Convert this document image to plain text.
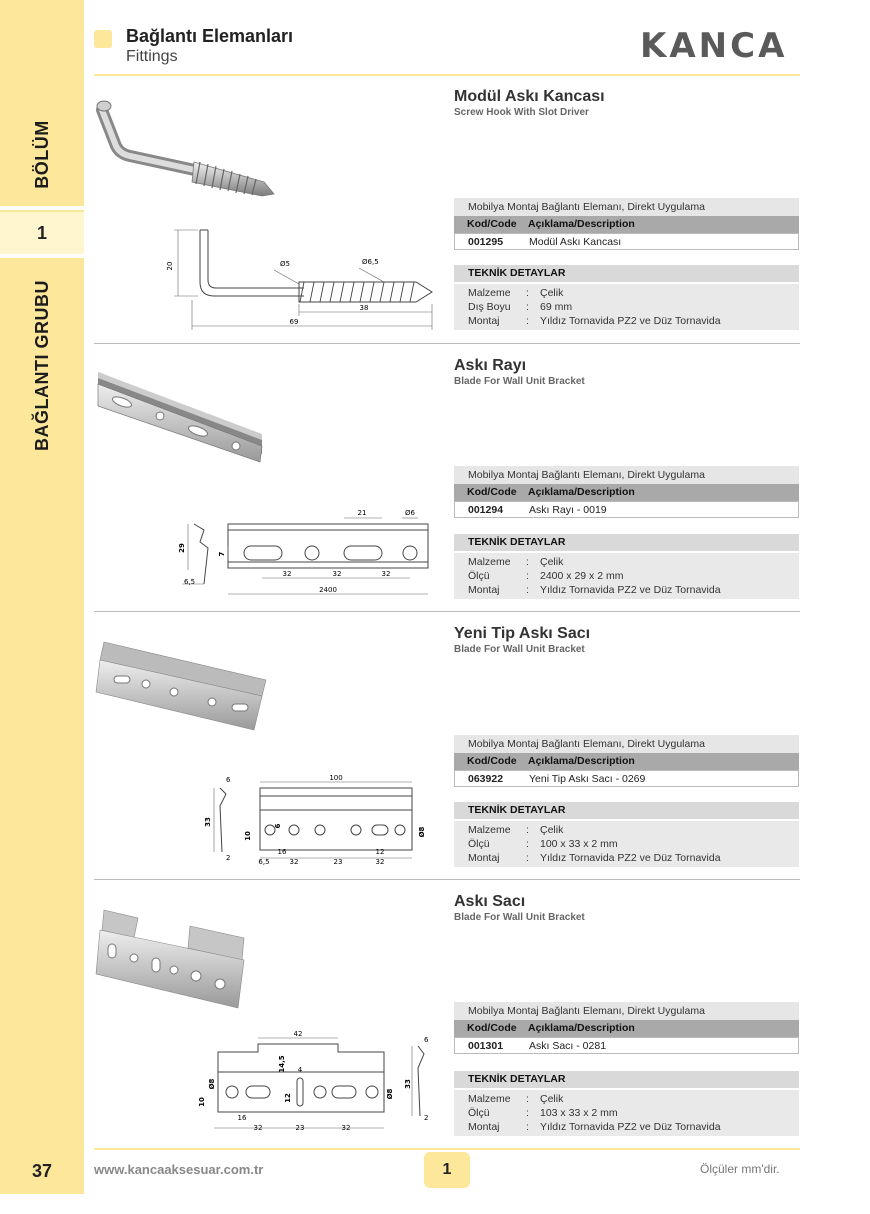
BÖLÜM
1
BAĞLANTI GRUBU
Bağlantı Elemanları
Fittings	KANCA
Modül Askı Kancası
Screw Hook With Slot Driver
20	Ø5	Ø6,5
38
69
Mobilya Montaj Bağlantı Elemanı, Direkt Uygulama
Kod/Code	Açıklama/Description
001295	Modül Askı Kancası
TEKNİK DETAYLAR
Malzeme	:	Çelik
Dış Boyu	:	69 mm
Montaj	:	Yıldız Tornavida PZ2 ve Düz Tornavida
Askı Rayı
Blade For Wall Unit Bracket
29
6,5
7
21	Ø6
32	32	32
2400
Mobilya Montaj Bağlantı Elemanı, Direkt Uygulama
Kod/Code	Açıklama/Description
001294	Askı Rayı - 0019
TEKNİK DETAYLAR
Malzeme	:	Çelik
Ölçü	:	2400 x 29 x 2 mm
Montaj	:	Yıldız Tornavida PZ2 ve Düz Tornavida
Yeni Tip Askı Sacı
Blade For Wall Unit Bracket
6
33
2
100
10
6
16
6,5	32	23
12
32
Ø8
Mobilya Montaj Bağlantı Elemanı, Direkt Uygulama
Kod/Code	Açıklama/Description
063922	Yeni Tip Askı Sacı - 0269
TEKNİK DETAYLAR
Malzeme	:	Çelik
Ölçü	:	100 x 33 x 2 mm
Montaj	:	Yıldız Tornavida PZ2 ve Düz Tornavida
Askı Sacı
Blade For Wall Unit Bracket
42
4
14,5
Ø8
10	12
16
32	23	32
Ø8
6
33
2
Mobilya Montaj Bağlantı Elemanı, Direkt Uygulama
Kod/Code	Açıklama/Description
001301	Askı Sacı - 0281
TEKNİK DETAYLAR
Malzeme	:	Çelik
Ölçü	:	103 x 33 x 2 mm
Montaj	:	Yıldız Tornavida PZ2 ve Düz Tornavida
37	www.kancaaksesuar.com.tr	1	Ölçüler mm'dir.
